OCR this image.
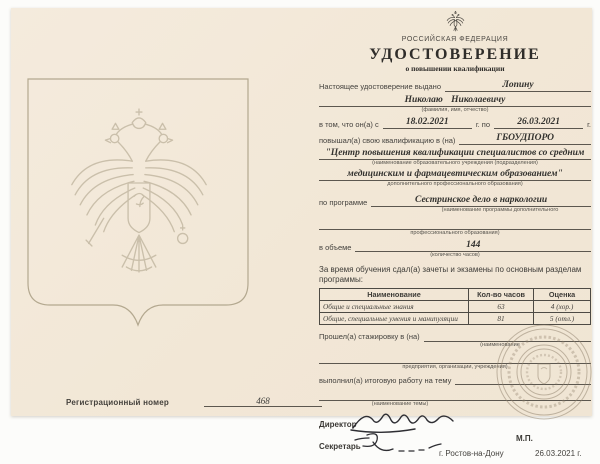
Регистрационный номер	468
РОССИЙСКАЯ ФЕДЕРАЦИЯ
УДОСТОВЕРЕНИЕ
о повышении квалификации
Настоящее удостоверение выдано	Лопину
Николаю Николаевичу
(фамилия, имя, отчество)
в том, что он(а) с	18.02.2021	г. по	26.03.2021	г.
повышал(а) свою квалификацию в (на)	ГБОУДПОРО
"Центр повышения квалификации специалистов со средним
(наименование образовательного учреждения (подразделения)
медицинским и фармацевтическим образованием"
дополнительного профессионального образования)
по программе	Сестринское дело в наркологии
(наименование программы дополнительного
профессионального образования)
в объеме	144
(количество часов)
За время обучения сдал(а) зачеты и экзамены по основным разделам программы:
Наименование	Кол-во часов	Оценка
Общие и специальные знания	63	4 (хор.)
Общие, специальные умения и манипуляции	81	5 (отл.)
Прошел(а) стажировку в (на)
(наименование
предприятия, организации, учреждения)
выполнил(а) итоговую работу на тему
(наименование темы)
Директор
М.П.
Секретарь
г. Ростов-на-Дону	26.03.2021 г.
